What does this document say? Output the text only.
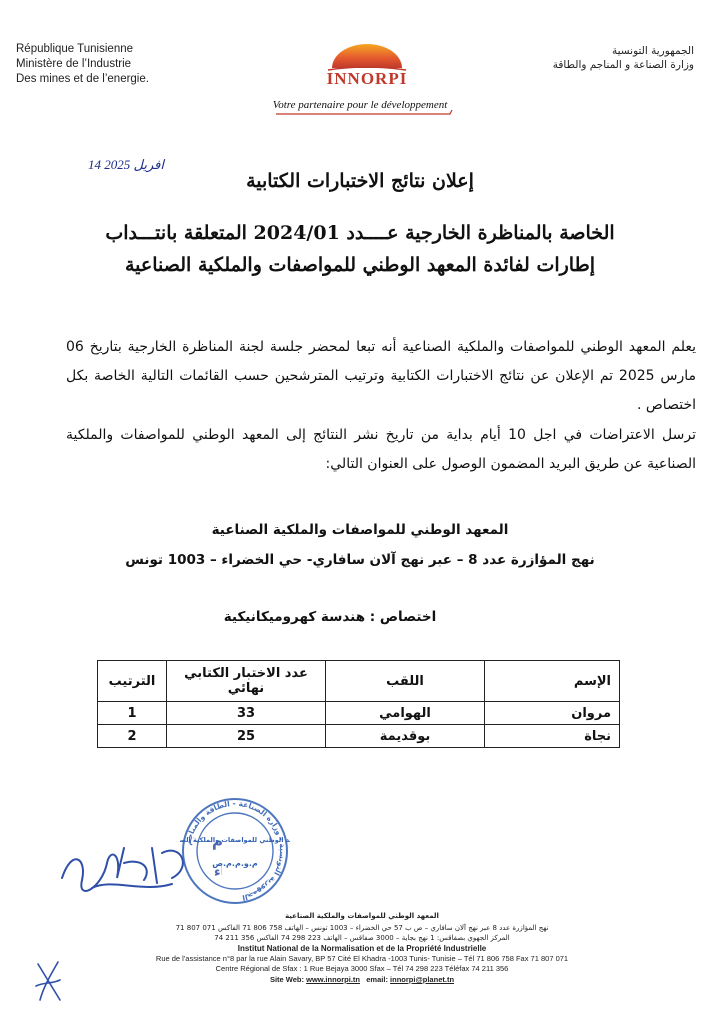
République Tunisienne
Ministère de l’Industrie
Des mines et de l’energie.
الجمهورية التونسية
وزارة الصناعة و المناجم والطاقة
INNORPI
Votre partenaire pour le développement
14 افريل 2025
إعلان نتائج الاختبارات الكتابية
الخاصة بالمناظرة الخارجية عــــدد 2024/01 المتعلقة بانتـــداب
إطارات لفائدة المعهد الوطني للمواصفات والملكية الصناعية
يعلم المعهد الوطني للمواصفات والملكية الصناعية أنه تبعا لمحضر جلسة لجنة المناظرة الخارجية بتاريخ 06 مارس 2025 تم الإعلان عن نتائج الاختبارات الكتابية وترتيب المترشحين حسب القائمات التالية الخاصة بكل اختصاص .
ترسل الاعتراضات في اجل 10 أيام بداية من تاريخ نشر النتائج إلى المعهد الوطني للمواصفات والملكية الصناعية عن طريق البريد المضمون الوصول على العنوان التالي:
المعهد الوطني للمواصفات والملكية الصناعية
نهج المؤازرة عدد 8 – عبر نهج آلان سافاري- حي الخضراء – 1003 تونس
اختصاص : هندسة كهروميكانيكية
الإسم	اللقب	عدد الاختبار الكتابي نهائي	الترتيب
مروان	الهوامي	33	1
نجاة	بوقديمة	25	2
م
ء
الجمهورية التونسية - وزارة الصناعة - الطاقة والمناجم
د الوطني للمواصفات والملكية الص
م.و.م.م.ص
المعهد الوطني للمواصفات والملكية الصناعية
نهج المؤازرة عدد 8 عبر نهج آلان سافاري – ص ب 57 حي الخضراء – 1003 تونس – الهاتف 758 806 71 الفاكس 071 807 71
المركز الجهوي بصفاقس: 1 نهج بجاية – 3000 صفاقس – الهاتف 223 298 74 الفاكس 356 211 74
Institut National de la Normalisation et de la Propriété Industrielle
Rue de l'assistance n°8 par la rue Alain Savary, BP 57 Cité El Khadra -1003 Tunis- Tunisie – Tél 71 806 758 Fax 71 807 071
Centre Régional de Sfax : 1 Rue Bejaya 3000 Sfax – Tél 74 298 223 Téléfax 74 211 356
Site Web: www.innorpi.tn email: innorpi@planet.tn
